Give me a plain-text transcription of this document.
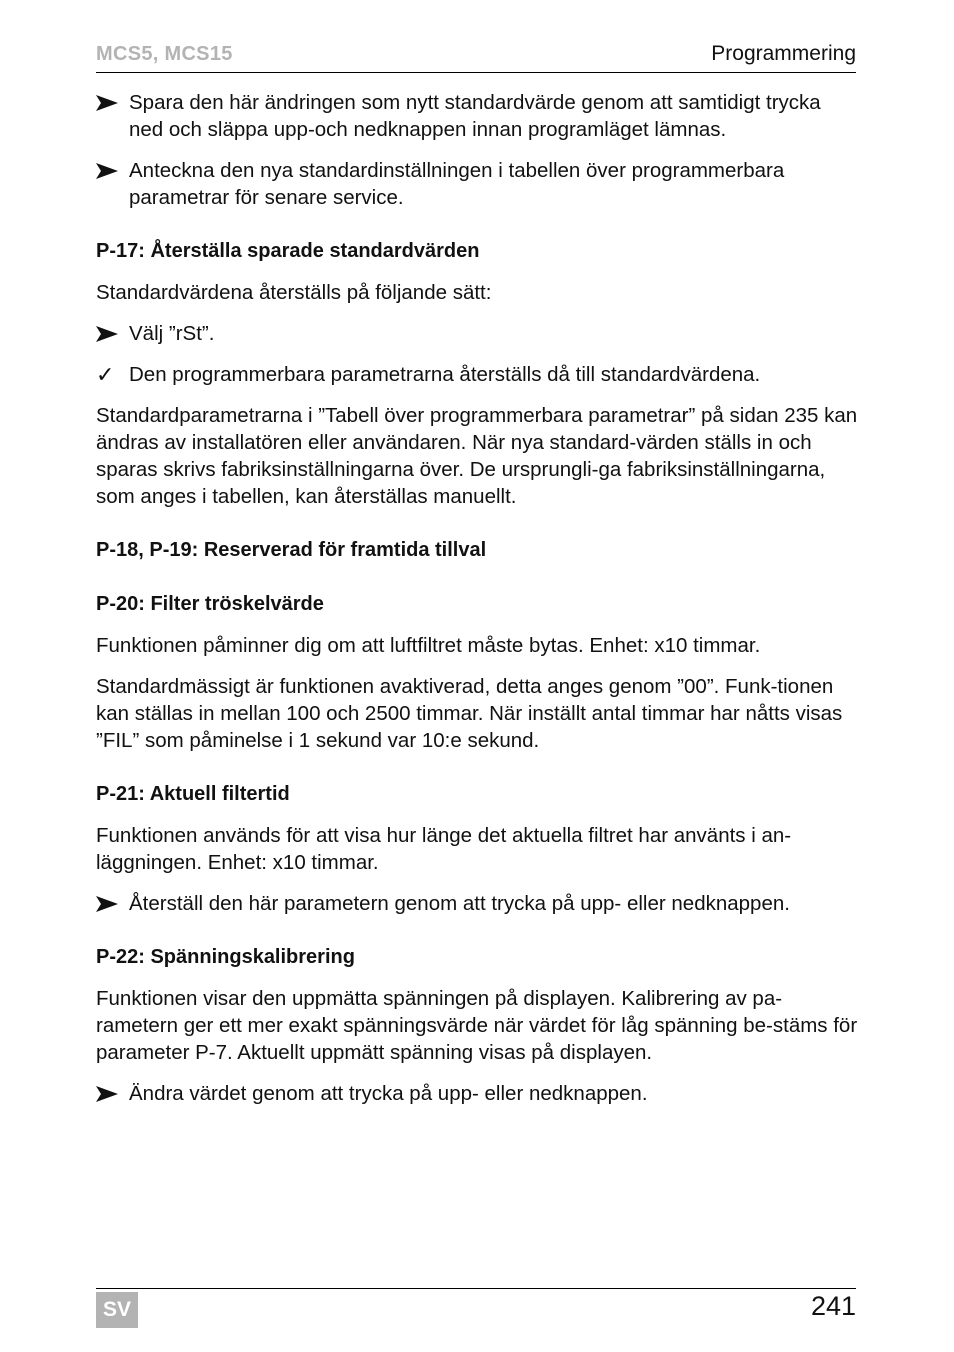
MCS5, MCS15	Programmering
Spara den här ändringen som nytt standardvärde genom att samtidigt trycka ned och släppa upp-och nedknappen innan programläget lämnas.
Anteckna den nya standardinställningen i tabellen över programmerbara parametrar för senare service.
P-17: Återställa sparade standardvärden

Standardvärdena återställs på följande sätt:

Välj ”rSt”.
✓ Den programmerbara parametrarna återställs då till standardvärdena.

Standardparametrarna i ”Tabell över programmerbara parametrar” på sidan 235 kan ändras av installatören eller användaren. När nya standard-värden ställs in och sparas skrivs fabriksinställningarna över. De ursprungli-ga fabriksinställningarna, som anges i tabellen, kan återställas manuellt.

P-18, P-19: Reserverad för framtida tillval
P-20: Filter tröskelvärde

Funktionen påminner dig om att luftfiltret måste bytas. Enhet: x10 timmar.

Standardmässigt är funktionen avaktiverad, detta anges genom ”00”. Funk-tionen kan ställas in mellan 100 och 2500 timmar. När inställt antal timmar har nåtts visas ”FIL” som påminelse i 1 sekund var 10:e sekund.

P-21: Aktuell filtertid

Funktionen används för att visa hur länge det aktuella filtret har använts i an-läggningen. Enhet: x10 timmar.

Återställ den här parametern genom att trycka på upp- eller nedknappen.
P-22: Spänningskalibrering

Funktionen visar den uppmätta spänningen på displayen. Kalibrering av pa-rametern ger ett mer exakt spänningsvärde när värdet för låg spänning be-stäms för parameter P-7. Aktuellt uppmätt spänning visas på displayen.

Ändra värdet genom att trycka på upp- eller nedknappen.
SV	241
